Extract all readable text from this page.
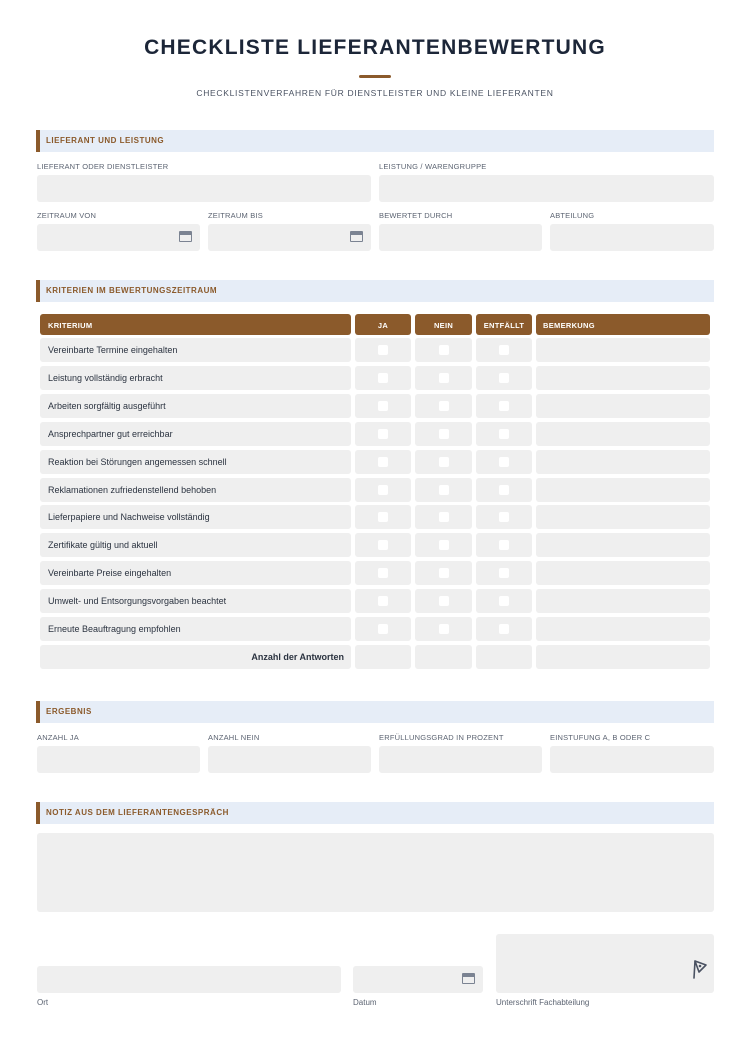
CHECKLISTE LIEFERANTENBEWERTUNG
CHECKLISTENVERFAHREN FÜR DIENSTLEISTER UND KLEINE LIEFERANTEN
LIEFERANT UND LEISTUNG
LIEFERANT ODER DIENSTLEISTER	LEISTUNG / WARENGRUPPE
ZEITRAUM VON	ZEITRAUM BIS	BEWERTET DURCH	ABTEILUNG
KRITERIEN IM BEWERTUNGSZEITRAUM
KRITERIUM	JA	NEIN	ENTFÄLLT	BEMERKUNG
Vereinbarte Termine eingehalten
Leistung vollständig erbracht
Arbeiten sorgfältig ausgeführt
Ansprechpartner gut erreichbar
Reaktion bei Störungen angemessen schnell
Reklamationen zufriedenstellend behoben
Lieferpapiere und Nachweise vollständig
Zertifikate gültig und aktuell
Vereinbarte Preise eingehalten
Umwelt- und Entsorgungsvorgaben beachtet
Erneute Beauftragung empfohlen
Anzahl der Antworten
ERGEBNIS
ANZAHL JA	ANZAHL NEIN	ERFÜLLUNGSGRAD IN PROZENT	EINSTUFUNG A, B ODER C
NOTIZ AUS DEM LIEFERANTENGESPRÄCH
Ort	Datum	Unterschrift Fachabteilung
